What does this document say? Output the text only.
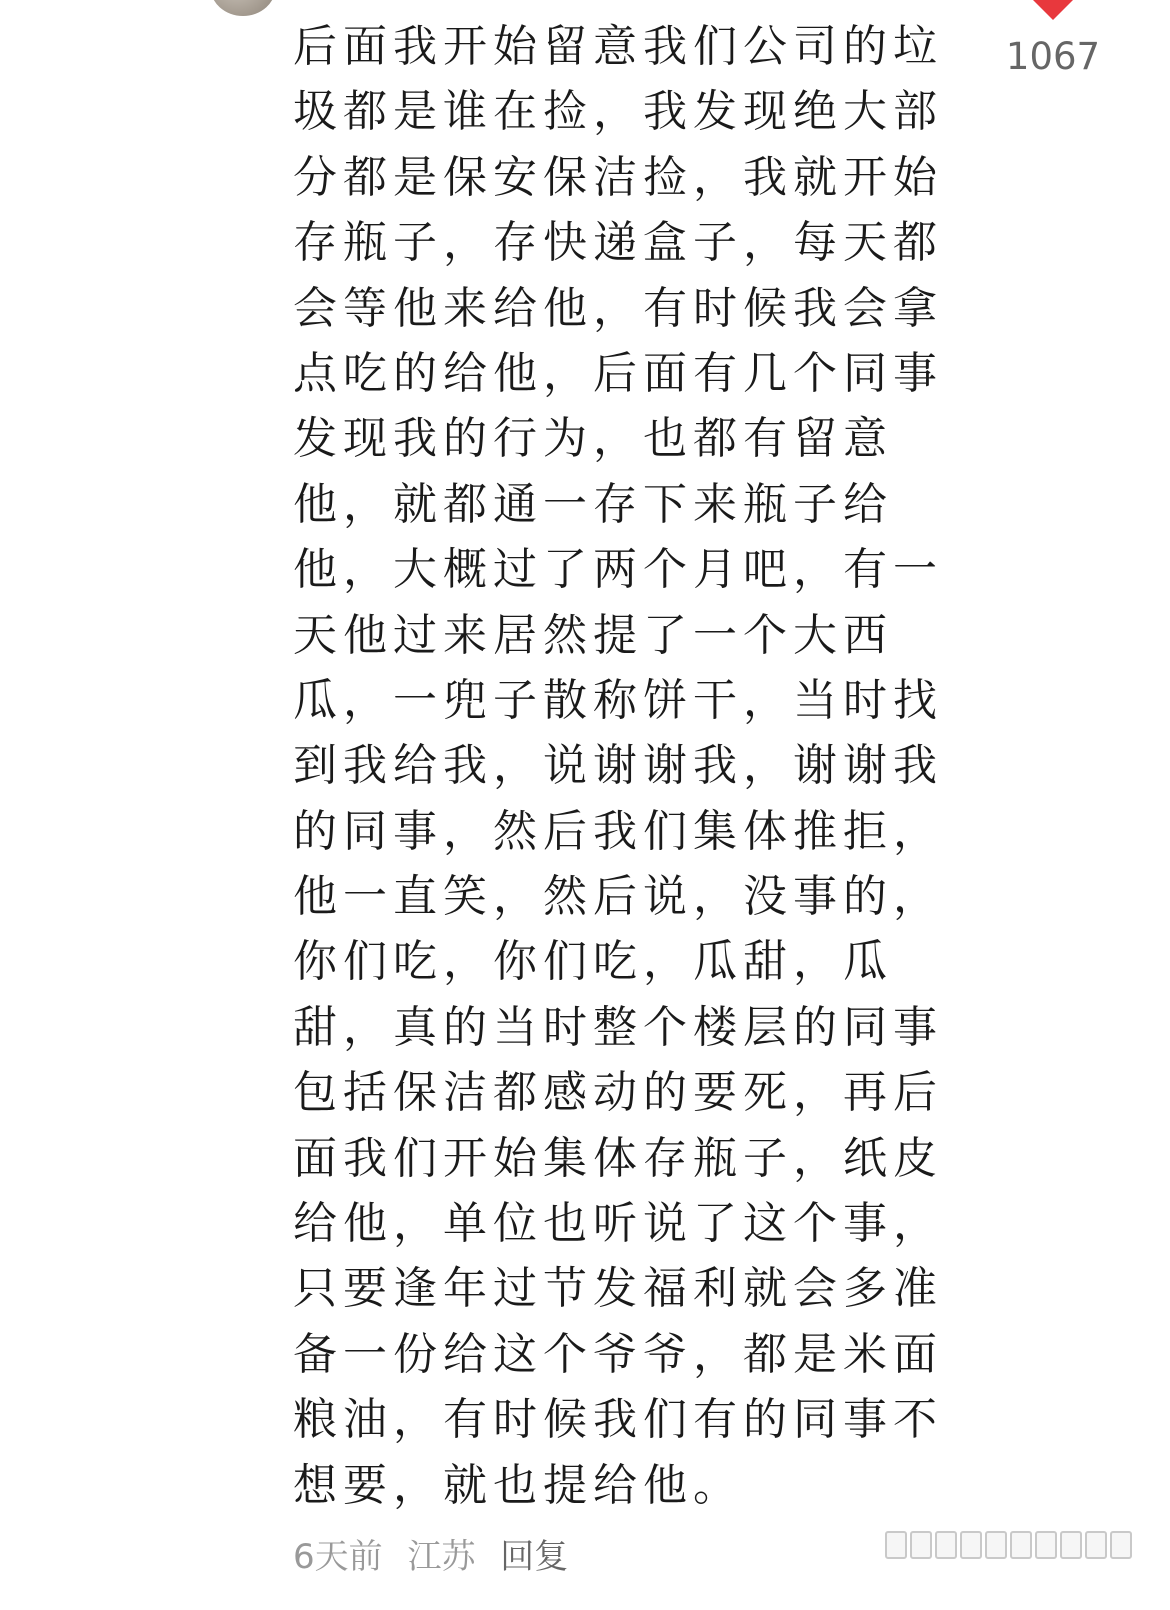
1067

后面我开始留意我们公司的垃
圾都是谁在捡，我发现绝大部
分都是保安保洁捡，我就开始
存瓶子，存快递盒子，每天都
会等他来给他，有时候我会拿
点吃的给他，后面有几个同事
发现我的行为，也都有留意
他，就都通一存下来瓶子给
他，大概过了两个月吧，有一
天他过来居然提了一个大西
瓜，一兜子散称饼干，当时找
到我给我，说谢谢我，谢谢我
的同事，然后我们集体推拒，
他一直笑，然后说，没事的，
你们吃，你们吃，瓜甜，瓜
甜，真的当时整个楼层的同事
包括保洁都感动的要死，再后
面我们开始集体存瓶子，纸皮
给他，单位也听说了这个事，
只要逢年过节发福利就会多准
备一份给这个爷爷，都是米面
粮油，有时候我们有的同事不
想要，就也提给他。

6天前 江苏 回复
